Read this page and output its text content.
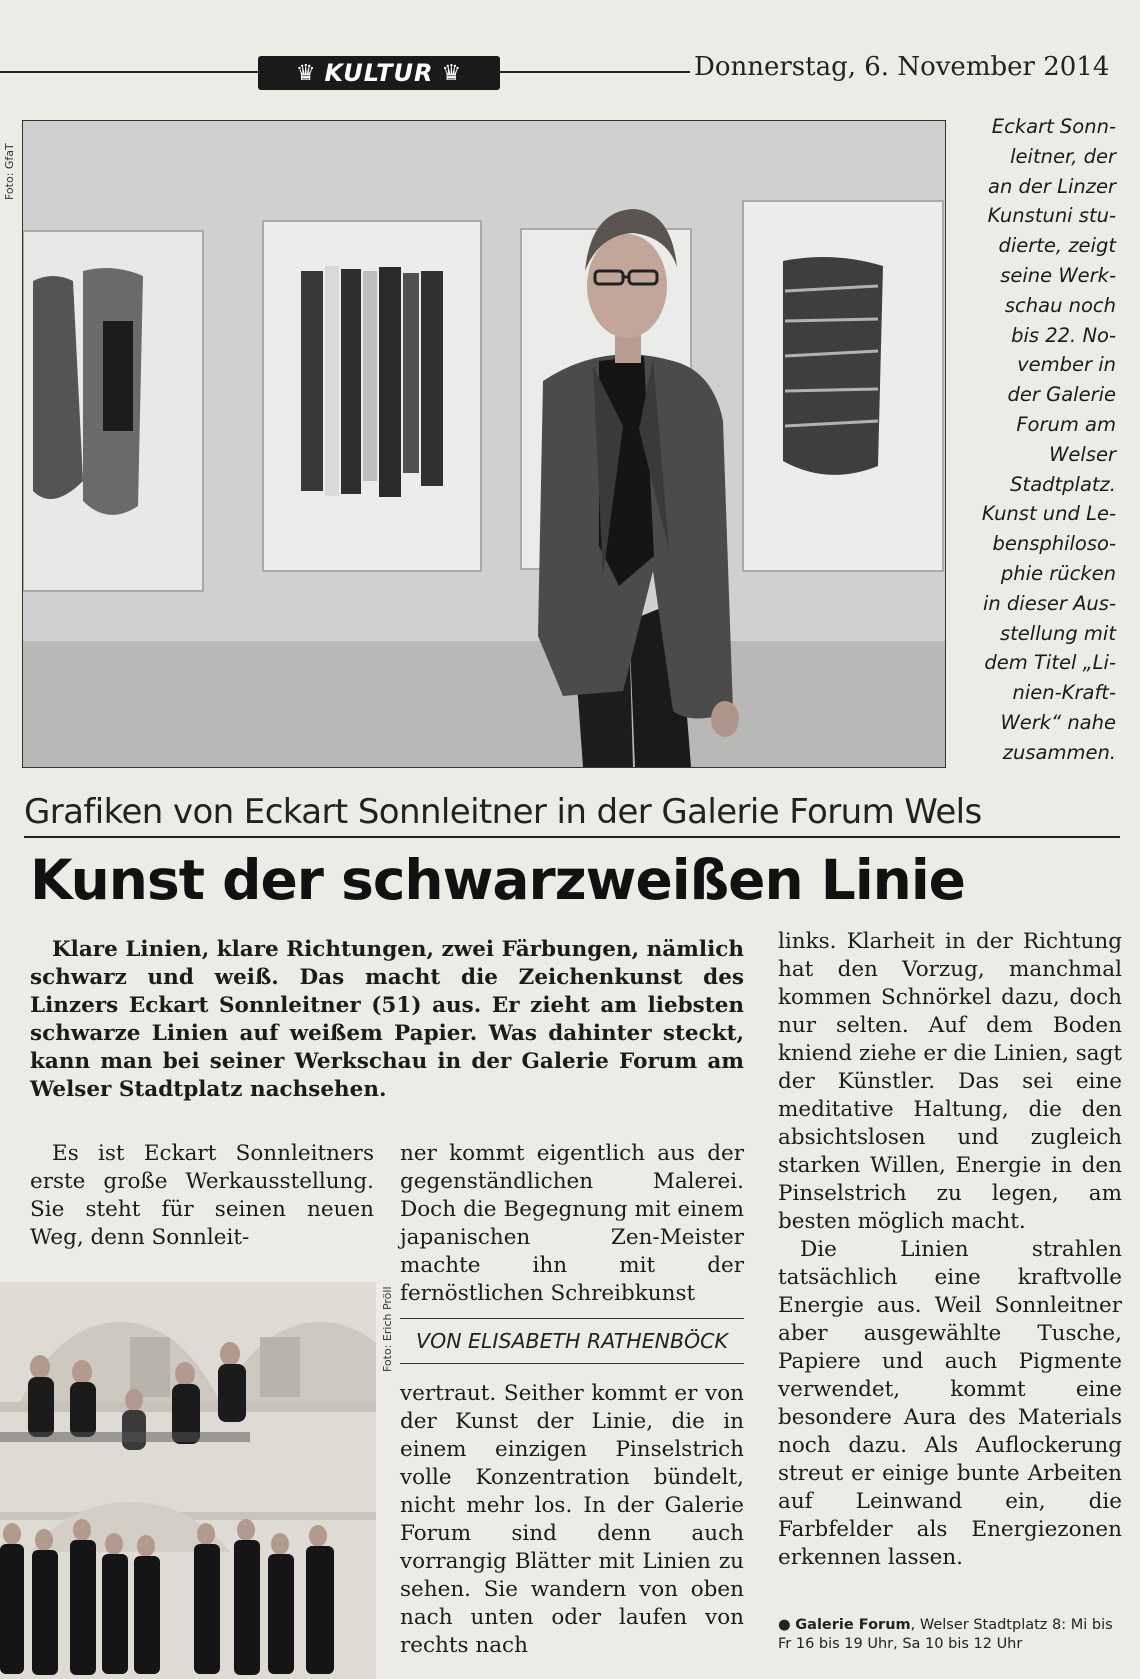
♛ KULTUR ♛	Donnerstag, 6. November 2014
Foto: GfaT
Eckart Sonn-
leitner, der
an der Linzer
Kunstuni stu-
dierte, zeigt
seine Werk-
schau noch
bis 22. No-
vember in
der Galerie
Forum am
Welser
Stadtplatz.
Kunst und Le-
bensphiloso-
phie rücken
in dieser Aus-
stellung mit
dem Titel „Li-
nien-Kraft-
Werk“ nahe
zusammen.
Grafiken von Eckart Sonnleitner in der Galerie Forum Wels
Kunst der schwarzweißen Linie
Klare Linien, klare Richtungen, zwei Färbungen, nämlich schwarz und weiß. Das macht die Zeichenkunst des Linzers Eckart Sonnleitner (51) aus. Er zieht am liebsten schwarze Linien auf weißem Papier. Was dahinter steckt, kann man bei seiner Werkschau in der Galerie Forum am Welser Stadtplatz nachsehen.

Es ist Eckart Sonnleitners erste große Werkausstellung. Sie steht für seinen neuen Weg, denn Sonnleit-

ner kommt eigentlich aus der gegenständlichen Malerei. Doch die Begegnung mit einem japanischen Zen-Meister machte ihn mit der fernöstlichen Schreibkunst

VON ELISABETH RATHENBÖCK

vertraut. Seither kommt er von der Kunst der Linie, die in einem einzigen Pinselstrich volle Konzentration bündelt, nicht mehr los. In der Galerie Forum sind denn auch vorrangig Blätter mit Linien zu sehen. Sie wandern von oben nach unten oder laufen von rechts nach

links. Klarheit in der Richtung hat den Vorzug, manchmal kommen Schnörkel dazu, doch nur selten. Auf dem Boden kniend ziehe er die Linien, sagt der Künstler. Das sei eine meditative Haltung, die den absichtslosen und zugleich starken Willen, Energie in den Pinselstrich zu legen, am besten möglich macht.

Die Linien strahlen tatsächlich eine kraftvolle Energie aus. Weil Sonnleitner aber ausgewählte Tusche, Papiere und auch Pigmente verwendet, kommt eine besondere Aura des Materials noch dazu. Als Auflockerung streut er einige bunte Arbeiten auf Leinwand ein, die Farbfelder als Energiezonen erkennen lassen.

● Galerie Forum, Welser Stadtplatz 8: Mi bis Fr 16 bis 19 Uhr, Sa 10 bis 12 Uhr
Foto: Erich Pröll
